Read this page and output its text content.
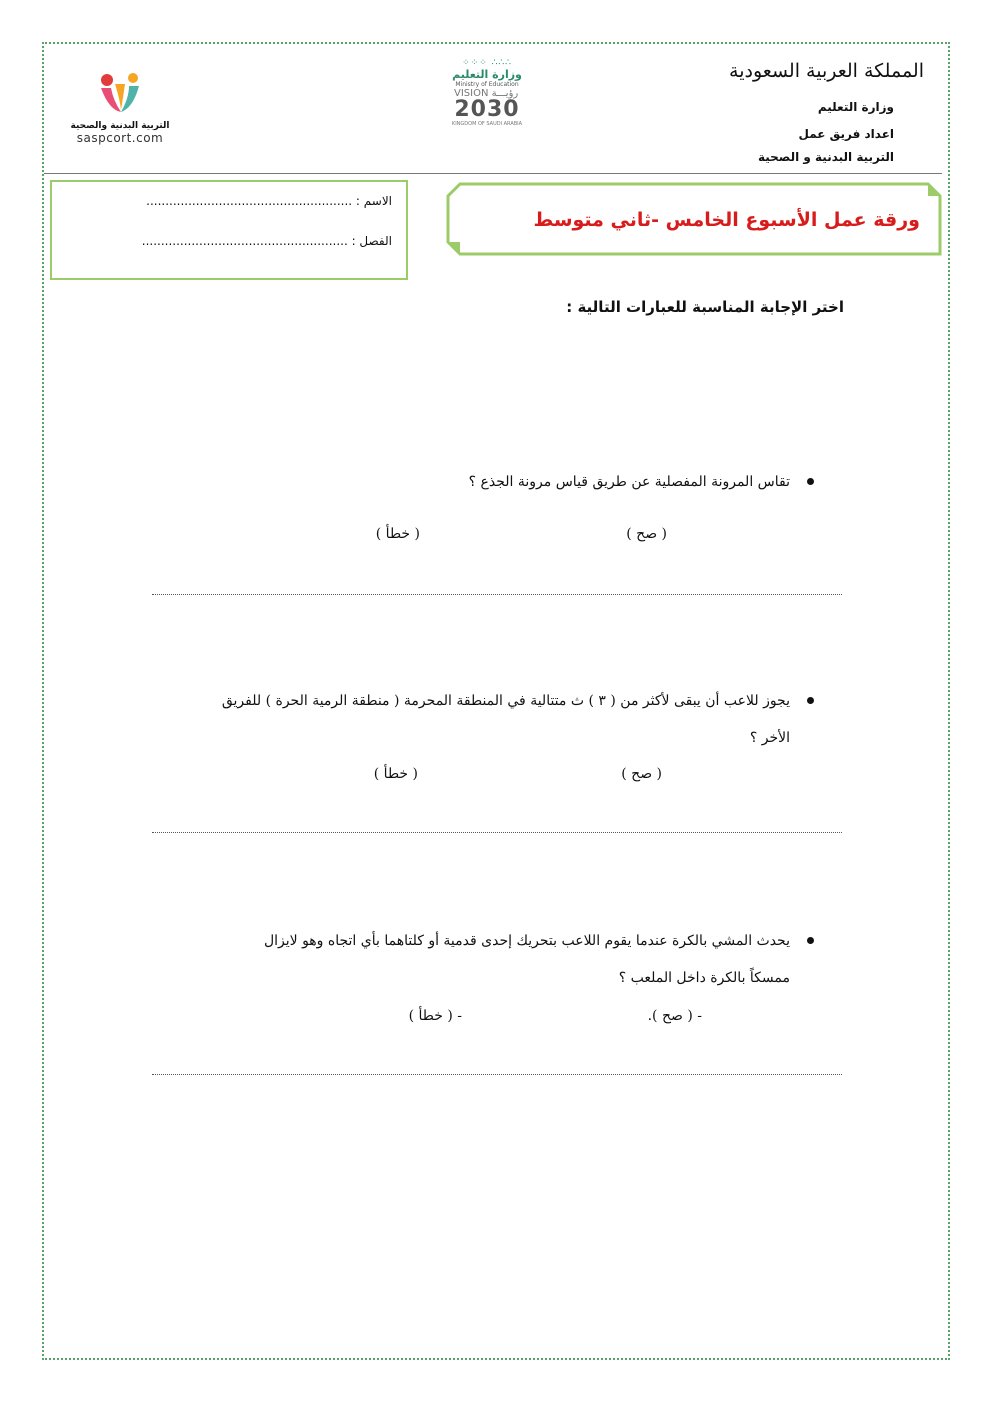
المملكة العربية السعودية
وزارة التعليم
اعداد فريق عمل
التربية البدنية و الصحية
التربية البدنية والصحية
saspcort.com
⁘⁘⁘ ∴∴∴
وزارة التعليم
Ministry of Education
VISION رؤيـــة
2030
KINGDOM OF SAUDI ARABIA
الاسم : ......................................................
الفصل : ......................................................
ورقة عمل الأسبوع الخامس -ثاني متوسط
اختر الإجابة المناسبة للعبارات التالية :
تقاس المرونة المفصلية عن طريق قياس مرونة الجذع ؟
( صح )
( خطأ )
يجوز للاعب أن يبقى لأكثر من ( ٣ ) ث متتالية في المنطقة المحرمة ( منطقة الرمية الحرة ) للفريق
الأخر ؟
( صح )
( خطأ )
يحدث المشي بالكرة عندما يقوم اللاعب بتحريك إحدى قدمية أو كلتاهما بأي اتجاه وهو لايزال
ممسكاً بالكرة داخل الملعب ؟
- ( صح ).
- ( خطأ )
